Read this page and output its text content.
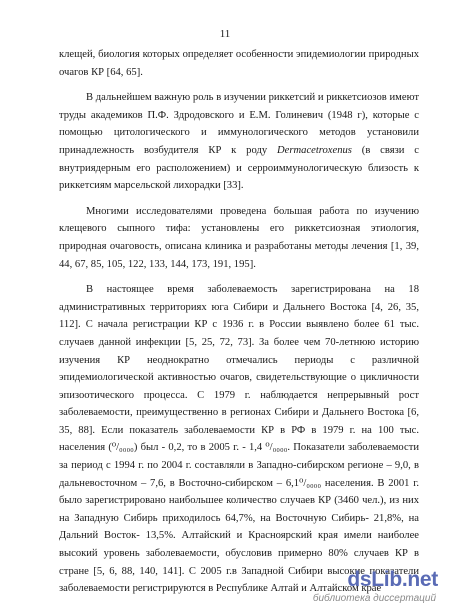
11

клещей, биология которых определяет особенности эпидемиологии природных очагов КР [64, 65].

В дальнейшем важную роль в изучении риккетсий и риккетсиозов имеют труды академиков П.Ф. Здродовского и Е.М. Голиневич (1948 г), которые с помощью цитологического и иммунологического методов установили принадлежность возбудителя КР к роду Dermacetroxenus (в связи с внутриядерным его расположением) и серроиммунологическую близость к риккетсиям марсельской лихорадки [33].

Многими исследователями проведена большая работа по изучению клещевого сыпного тифа: установлены его риккетсиозная этиология, природная очаговость, описана клиника и разработаны методы лечения [1, 39, 44, 67, 85, 105, 122, 133, 144, 173, 191, 195].

В настоящее время заболеваемость зарегистрирована на 18 административных территориях юга Сибири и Дальнего Востока [4, 26, 35, 112]. С начала регистрации КР с 1936 г. в России выявлено более 61 тыс. случаев данной инфекции [5, 25, 72, 73]. За более чем 70-летнюю историю изучения КР неоднократно отмечались периоды с различной эпидемиологической активностью очагов, свидетельствующие о цикличности эпизоотического процесса. С 1979 г. наблюдается непрерывный рост заболеваемости, преимущественно в регионах Сибири и Дальнего Востока [6, 35, 88]. Если показатель заболеваемости КР в РФ в 1979 г. на 100 тыс. населения (⁰/₀₀₀₀) был - 0,2, то в 2005 г. - 1,4 ⁰/₀₀₀₀. Показатели заболеваемости за период с 1994 г. по 2004 г. составляли в Западно-сибирском регионе – 9,0, в дальневосточном – 7,6, в Восточно-сибирском – 6,1⁰/₀₀₀₀ населения. В 2001 г. было зарегистрировано наибольшее количество случаев КР (3460 чел.), из них на Западную Сибирь приходилось 64,7%, на Восточную Сибирь- 21,8%, на Дальний Восток- 13,5%. Алтайский и Красноярский края имели наиболее высокий уровень заболеваемости, обусловив примерно 80% случаев КР в стране [5, 6, 88, 140, 141]. С 2005 г.в Западной Сибири высокие показатели заболеваемости регистрируются в Республике Алтай и Алтайском крае

dsLib.net
библиотека диссертаций
